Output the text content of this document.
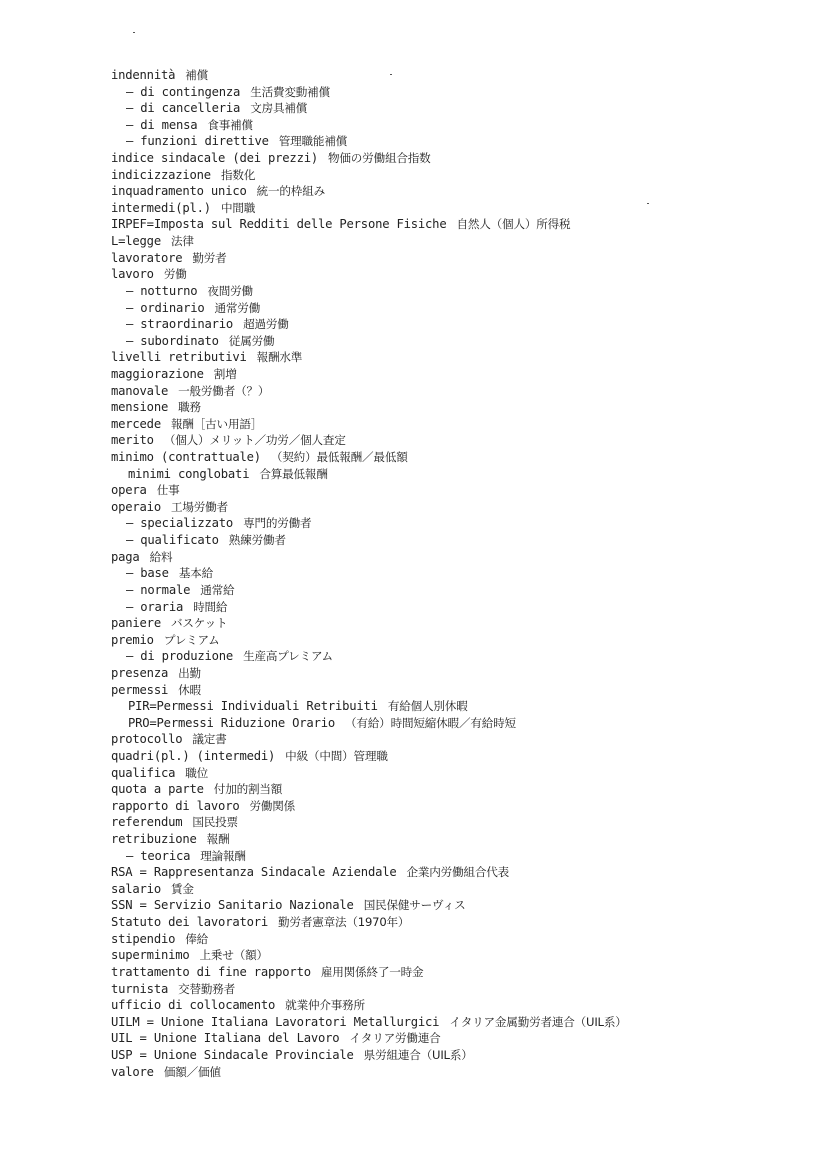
indennità 補償
— di contingenza 生活費変動補償
— di cancelleria 文房具補償
— di mensa 食事補償
— funzioni direttive 管理職能補償
indice sindacale (dei prezzi) 物価の労働組合指数
indicizzazione 指数化
inquadramento unico 統一的枠組み
intermedi(pl.) 中間職
IRPEF=Imposta sul Redditi delle Persone Fisiche 自然人（個人）所得税
L=legge 法律
lavoratore 勤労者
lavoro 労働
— notturno 夜間労働
— ordinario 通常労働
— straordinario 超過労働
— subordinato 従属労働
livelli retributivi 報酬水準
maggiorazione 割増
manovale 一般労働者（？）
mensione 職務
mercede 報酬［古い用語］
merito （個人）メリット／功労／個人査定
minimo (contrattuale) （契約）最低報酬／最低額
minimi conglobati 合算最低報酬
opera 仕事
operaio 工場労働者
— specializzato 専門的労働者
— qualificato 熟練労働者
paga 給料
— base 基本給
— normale 通常給
— oraria 時間給
paniere バスケット
premio プレミアム
— di produzione 生産高プレミアム
presenza 出勤
permessi 休暇
PIR=Permessi Individuali Retribuiti 有給個人別休暇
PRO=Permessi Riduzione Orario （有給）時間短縮休暇／有給時短
protocollo 議定書
quadri(pl.) (intermedi) 中級（中間）管理職
qualifica 職位
quota a parte 付加的割当額
rapporto di lavoro 労働関係
referendum 国民投票
retribuzione 報酬
— teorica 理論報酬
RSA = Rappresentanza Sindacale Aziendale 企業内労働組合代表
salario 賃金
SSN = Servizio Sanitario Nazionale 国民保健サーヴィス
Statuto dei lavoratori 勤労者憲章法（1970年）
stipendio 俸給
superminimo 上乗せ（額）
trattamento di fine rapporto 雇用関係終了一時金
turnista 交替勤務者
ufficio di collocamento 就業仲介事務所
UILM = Unione Italiana Lavoratori Metallurgici イタリア金属勤労者連合（UIL系）
UIL = Unione Italiana del Lavoro イタリア労働連合
USP = Unione Sindacale Provinciale 県労組連合（UIL系）
valore 価額／価値
